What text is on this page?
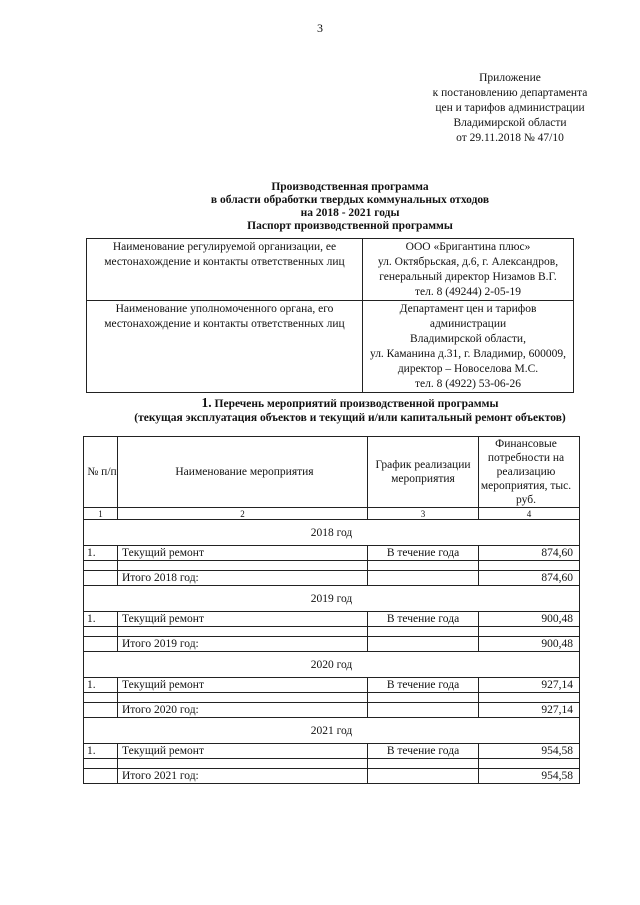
3
Приложение
к постановлению департамента
цен и тарифов администрации
Владимирской области
от 29.11.2018 № 47/10
Производственная программа
в области обработки твердых коммунальных отходов
на 2018 - 2021 годы
Паспорт производственной программы
Наименование регулируемой организации, ее местонахождение и контакты ответственных лиц	ООО «Бригантина плюс»
ул. Октябрьская, д.6, г. Александров,
генеральный директор Низамов В.Г.
тел. 8 (49244) 2-05-19

Наименование уполномоченного органа, его местонахождение и контакты ответственных лиц	Департамент цен и тарифов администрации
Владимирской области,
ул. Каманина д.31, г. Владимир, 600009,
директор – Новоселова М.С.
тел. 8 (4922) 53-06-26
1. Перечень мероприятий производственной программы
(текущая эксплуатация объектов и текущий и/или капитальный ремонт объектов)
№ п/п	Наименование мероприятия	График реализации мероприятия	Финансовые потребности на реализацию мероприятия, тыс. руб.
1	2	3	4
2018 год			
1.	Текущий ремонт	В течение года	874,60

	Итого 2018 год:		874,60
2019 год			
1.	Текущий ремонт	В течение года	900,48

	Итого 2019 год:		900,48
2020 год			
1.	Текущий ремонт	В течение года	927,14

	Итого 2020 год:		927,14
2021 год			
1.	Текущий ремонт	В течение года	954,58

	Итого 2021 год:		954,58
